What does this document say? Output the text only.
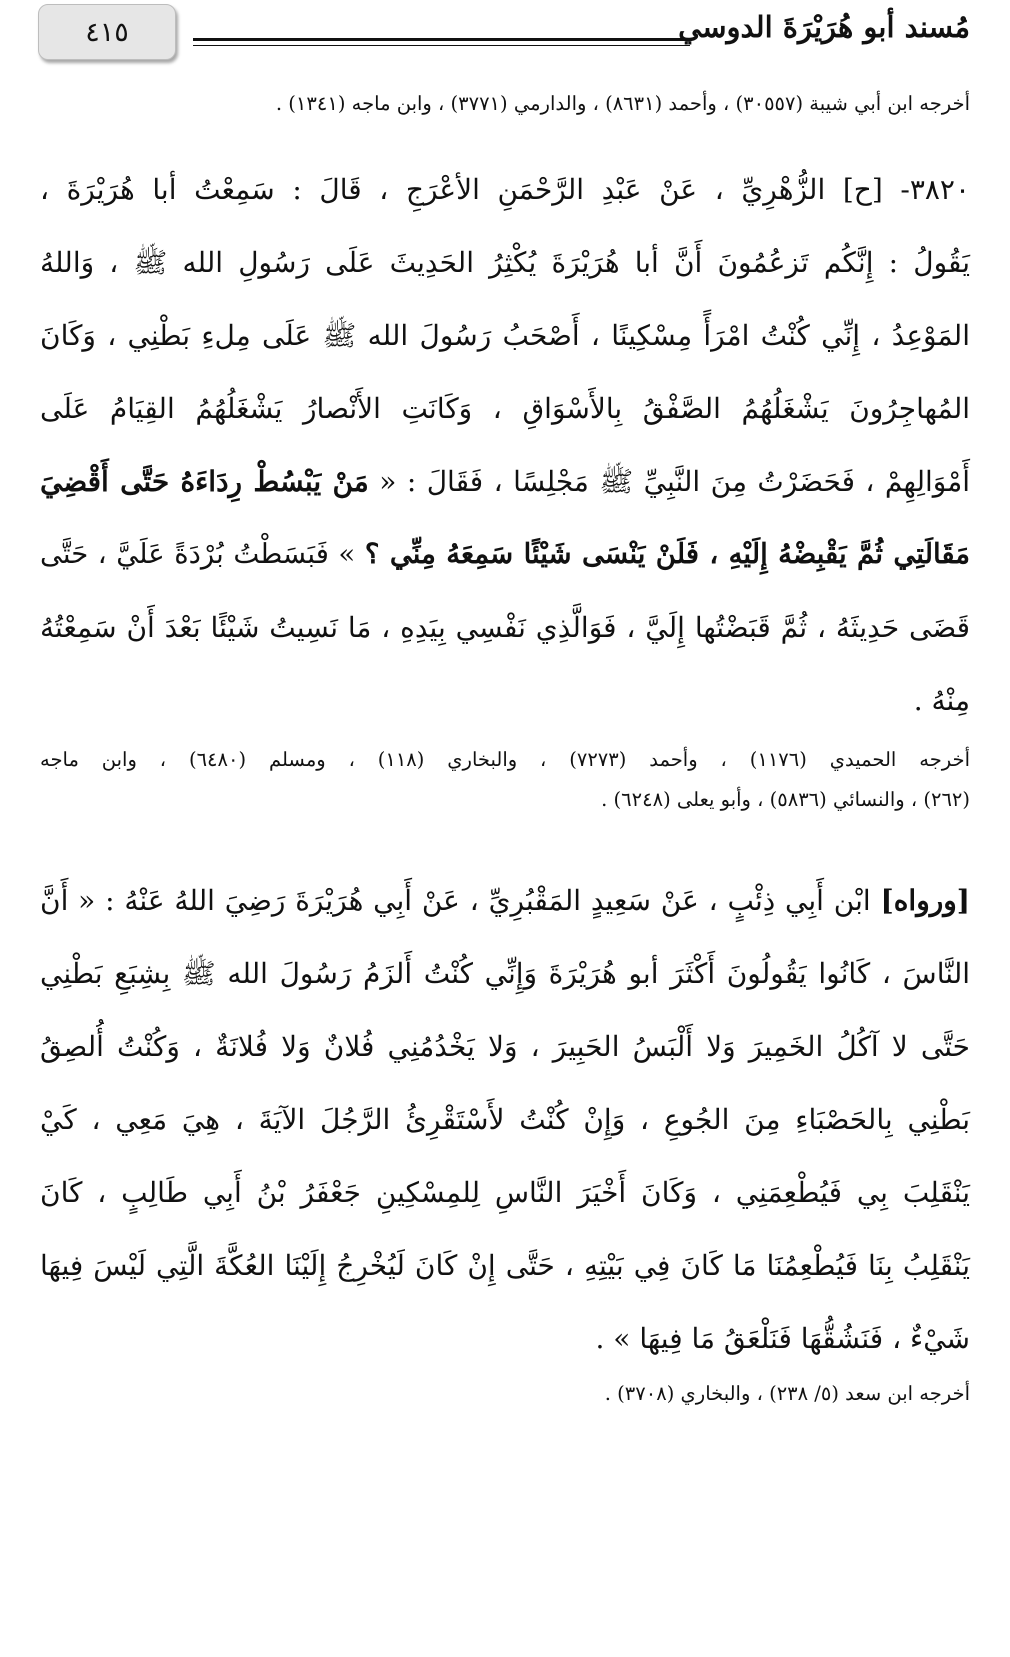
٤١٥	مُسند أبو هُرَيْرَةَ الدوسي
أخرجه ابن أبي شيبة (٣٠٥٥٧) ، وأحمد (٨٦٣١) ، والدارمي (٣٧٧١) ، وابن ماجه (١٣٤١) .
٣٨٢٠- [ح] الزُّهْرِيِّ ، عَنْ عَبْدِ الرَّحْمَنِ الأعْرَجِ ، قَالَ : سَمِعْتُ أبا هُرَيْرَةَ ،
يَقُولُ : إِنَّكُم تَزعُمُونَ أَنَّ أبا هُرَيْرَةَ يُكْثِرُ الحَدِيثَ عَلَى رَسُولِ الله ﷺ ، وَاللهُ
المَوْعِدُ ، إِنِّي كُنْتُ امْرَأً مِسْكِينًا ، أَصْحَبُ رَسُولَ الله ﷺ عَلَى مِلءِ بَطْنِي ، وَكَانَ
المُهاجِرُونَ يَشْغَلُهُمُ الصَّفْقُ بِالأَسْوَاقِ ، وَكَانَتِ الأَنْصارُ يَشْغَلُهُمُ القِيَامُ عَلَى
أَمْوَالِهِمْ ، فَحَضَرْتُ مِنَ النَّبِيِّ ﷺ مَجْلِسًا ، فَقَالَ : « مَنْ يَبْسُطْ رِدَاءَهُ حَتَّى أَقْضِيَ
مَقَالَتِي ثُمَّ يَقْبِضْهُ إِلَيْهِ ، فَلَنْ يَنْسَى شَيْئًا سَمِعَهُ مِنِّي ؟ » فَبَسَطْتُ بُرْدَةً عَلَيَّ ، حَتَّى
قَضَى حَدِيثَهُ ، ثُمَّ قَبَضْتُها إِلَيَّ ، فَوَالَّذِي نَفْسِي بِيَدِهِ ، مَا نَسِيتُ شَيْئًا بَعْدَ أَنْ سَمِعْتُهُ
مِنْهُ .
أخرجه الحميدي (١١٧٦) ، وأحمد (٧٢٧٣) ، والبخاري (١١٨) ، ومسلم (٦٤٨٠) ، وابن ماجه
(٢٦٢) ، والنسائي (٥٨٣٦) ، وأبو يعلى (٦٢٤٨) .
[ورواه] ابْن أَبِي ذِئْبٍ ، عَنْ سَعِيدٍ المَقْبُرِيِّ ، عَنْ أَبِي هُرَيْرَةَ رَضِيَ اللهُ عَنْهُ : « أَنَّ
النَّاسَ ، كَانُوا يَقُولُونَ أَكْثَرَ أبو هُرَيْرَةَ وَإِنِّي كُنْتُ أَلزَمُ رَسُولَ الله ﷺ بِشِبَعِ بَطْنِي
حَتَّى لا آكُلُ الخَمِيرَ وَلا أَلْبَسُ الحَبِيرَ ، وَلا يَخْدُمُنِي فُلانٌ وَلا فُلانَةٌ ، وَكُنْتُ أُلصِقُ
بَطْنِي بِالحَصْبَاءِ مِنَ الجُوعِ ، وَإِنْ كُنْتُ لأَسْتَقْرِئُ الرَّجُلَ الآيَةَ ، هِيَ مَعِي ، كَيْ
يَنْقَلِبَ بِي فَيُطْعِمَنِي ، وَكَانَ أَخْيَرَ النَّاسِ لِلمِسْكِينِ جَعْفَرُ بْنُ أَبِي طَالِبٍ ، كَانَ
يَنْقَلِبُ بِنَا فَيُطْعِمُنَا مَا كَانَ فِي بَيْتِهِ ، حَتَّى إِنْ كَانَ لَيُخْرِجُ إِلَيْنَا العُكَّةَ الَّتِي لَيْسَ فِيهَا
شَيْءٌ ، فَنَشُقُّهَا فَنَلْعَقُ مَا فِيهَا » .
أخرجه ابن سعد (٥/ ٢٣٨) ، والبخاري (٣٧٠٨) .
